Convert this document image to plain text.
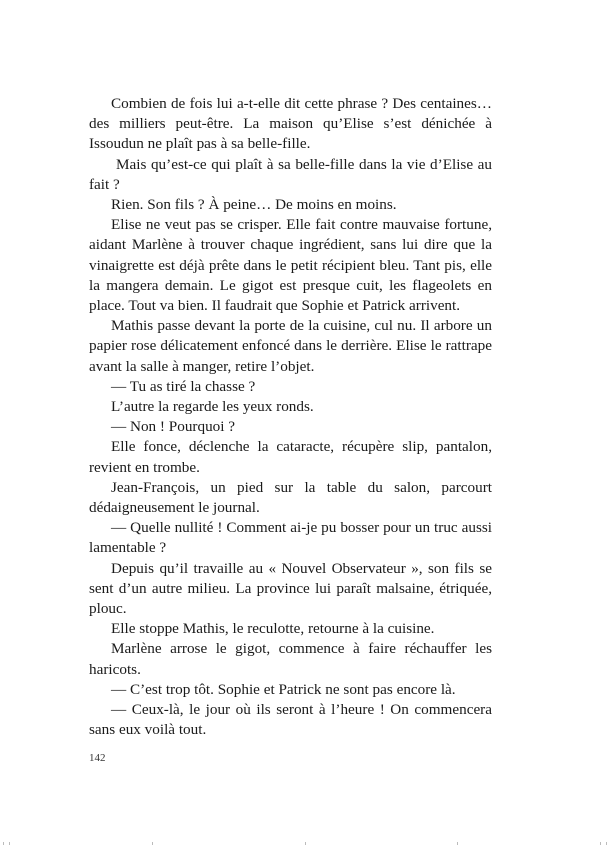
Combien de fois lui a-t-elle dit cette phrase ? Des centaines… des milliers peut-être. La maison qu’Elise s’est dénichée à Issoudun ne plaît pas à sa belle-fille.

Mais qu’est-ce qui plaît à sa belle-fille dans la vie d’Elise au fait ?

Rien. Son fils ? À peine… De moins en moins.

Elise ne veut pas se crisper. Elle fait contre mauvaise fortune, aidant Marlène à trouver chaque ingrédient, sans lui dire que la vinaigrette est déjà prête dans le petit récipient bleu. Tant pis, elle la mangera demain. Le gigot est presque cuit, les flageolets en place. Tout va bien. Il faudrait que Sophie et Patrick arrivent.

Mathis passe devant la porte de la cuisine, cul nu. Il arbore un papier rose délicatement enfoncé dans le derrière. Elise le rattrape avant la salle à manger, retire l’objet.

— Tu as tiré la chasse ?

L’autre la regarde les yeux ronds.

— Non ! Pourquoi ?

Elle fonce, déclenche la cataracte, récupère slip, pantalon, revient en trombe.

Jean-François, un pied sur la table du salon, parcourt dédaigneusement le journal.

— Quelle nullité ! Comment ai-je pu bosser pour un truc aussi lamentable ?

Depuis qu’il travaille au « Nouvel Observateur », son fils se sent d’un autre milieu. La province lui paraît malsaine, étriquée, plouc.

Elle stoppe Mathis, le reculotte, retourne à la cuisine.

Marlène arrose le gigot, commence à faire réchauffer les haricots.

— C’est trop tôt. Sophie et Patrick ne sont pas encore là.

— Ceux-là, le jour où ils seront à l’heure ! On commencera sans eux voilà tout.

142
